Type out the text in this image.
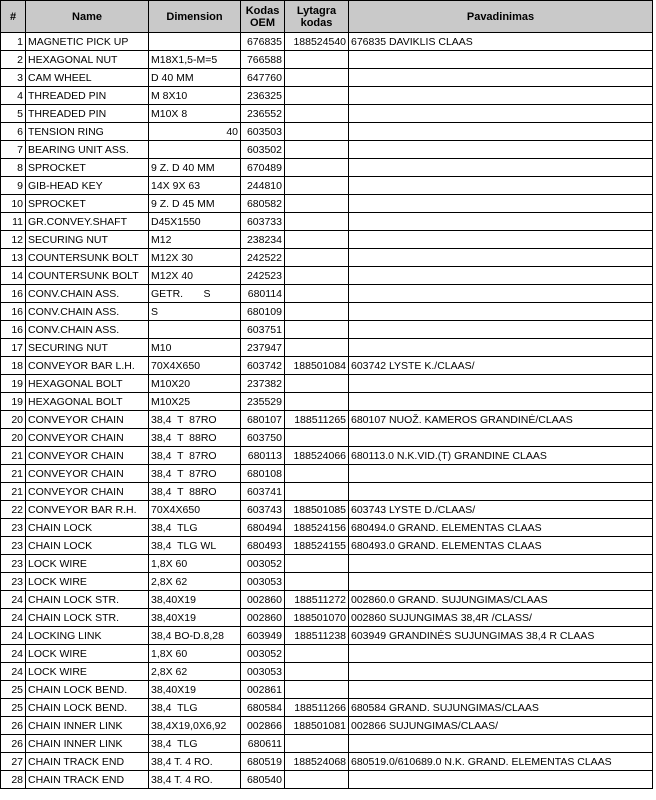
#	Name	Dimension	Kodas OEM	Lytagra kodas	Pavadinimas
1	MAGNETIC PICK UP		676835	188524540	676835 DAVIKLIS CLAAS
2	HEXAGONAL NUT	M18X1,5-M=5	766588		
3	CAM WHEEL	D 40 MM	647760		
4	THREADED PIN	M 8X10	236325		
5	THREADED PIN	M10X 8	236552		
6	TENSION RING	40	603503		
7	BEARING UNIT ASS.		603502		
8	SPROCKET	9 Z. D 40 MM	670489		
9	GIB-HEAD KEY	14X 9X 63	244810		
10	SPROCKET	9 Z. D 45 MM	680582		
11	GR.CONVEY.SHAFT	D45X1550	603733		
12	SECURING NUT	M12	238234		
13	COUNTERSUNK BOLT	M12X 30	242522		
14	COUNTERSUNK BOLT	M12X 40	242523		
16	CONV.CHAIN ASS.	GETR.       S	680114		
16	CONV.CHAIN ASS.	S	680109		
16	CONV.CHAIN ASS.		603751		
17	SECURING NUT	M10	237947		
18	CONVEYOR BAR L.H.	70X4X650	603742	188501084	603742 LYSTE K./CLAAS/
19	HEXAGONAL BOLT	M10X20	237382		
19	HEXAGONAL BOLT	M10X25	235529		
20	CONVEYOR CHAIN	38,4  T  87RO	680107	188511265	680107 NUOŽ. KAMEROS GRANDINĖ/CLAAS
20	CONVEYOR CHAIN	38,4  T  88RO	603750		
21	CONVEYOR CHAIN	38,4  T  87RO	680113	188524066	680113.0 N.K.VID.(T) GRANDINE CLAAS
21	CONVEYOR CHAIN	38,4  T  87RO	680108		
21	CONVEYOR CHAIN	38,4  T  88RO	603741		
22	CONVEYOR BAR R.H.	70X4X650	603743	188501085	603743 LYSTE D./CLAAS/
23	CHAIN LOCK	38,4  TLG	680494	188524156	680494.0 GRAND. ELEMENTAS CLAAS
23	CHAIN LOCK	38,4  TLG WL	680493	188524155	680493.0 GRAND. ELEMENTAS CLAAS
23	LOCK WIRE	1,8X 60	003052		
23	LOCK WIRE	2,8X 62	003053		
24	CHAIN LOCK STR.	38,40X19	002860	188511272	002860.0 GRAND. SUJUNGIMAS/CLAAS
24	CHAIN LOCK STR.	38,40X19	002860	188501070	002860 SUJUNGIMAS 38,4R /CLASS/
24	LOCKING LINK	38,4 BO-D.8,28	603949	188511238	603949 GRANDINĖS SUJUNGIMAS 38,4 R CLAAS
24	LOCK WIRE	1,8X 60	003052		
24	LOCK WIRE	2,8X 62	003053		
25	CHAIN LOCK BEND.	38,40X19	002861		
25	CHAIN LOCK BEND.	38,4  TLG	680584	188511266	680584 GRAND. SUJUNGIMAS/CLAAS
26	CHAIN INNER LINK	38,4X19,0X6,92	002866	188501081	002866 SUJUNGIMAS/CLAAS/
26	CHAIN INNER LINK	38,4  TLG	680611		
27	CHAIN TRACK END	38,4 T. 4 RO.	680519	188524068	680519.0/610689.0 N.K. GRAND. ELEMENTAS CLAAS
28	CHAIN TRACK END	38,4 T. 4 RO.	680540		
